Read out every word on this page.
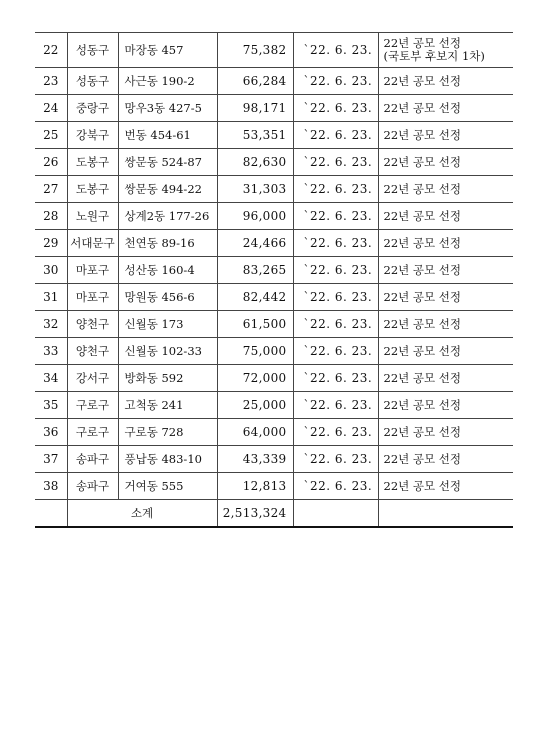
22	성동구	마장동 457	75,382	`22. 6. 23.	22년 공모 선정
(국토부 후보지 1차)

23	성동구	사근동 190-2	66,284	`22. 6. 23.	22년 공모 선정
24	중랑구	망우3동 427-5	98,171	`22. 6. 23.	22년 공모 선정
25	강북구	번동 454-61	53,351	`22. 6. 23.	22년 공모 선정
26	도봉구	쌍문동 524-87	82,630	`22. 6. 23.	22년 공모 선정
27	도봉구	쌍문동 494-22	31,303	`22. 6. 23.	22년 공모 선정
28	노원구	상계2동 177-26	96,000	`22. 6. 23.	22년 공모 선정
29	서대문구	천연동 89-16	24,466	`22. 6. 23.	22년 공모 선정
30	마포구	성산동 160-4	83,265	`22. 6. 23.	22년 공모 선정
31	마포구	망원동 456-6	82,442	`22. 6. 23.	22년 공모 선정
32	양천구	신월동 173	61,500	`22. 6. 23.	22년 공모 선정
33	양천구	신월동 102-33	75,000	`22. 6. 23.	22년 공모 선정
34	강서구	방화동 592	72,000	`22. 6. 23.	22년 공모 선정
35	구로구	고척동 241	25,000	`22. 6. 23.	22년 공모 선정
36	구로구	구로동 728	64,000	`22. 6. 23.	22년 공모 선정
37	송파구	풍납동 483-10	43,339	`22. 6. 23.	22년 공모 선정
38	송파구	거여동 555	12,813	`22. 6. 23.	22년 공모 선정
	소계		2,513,324		
